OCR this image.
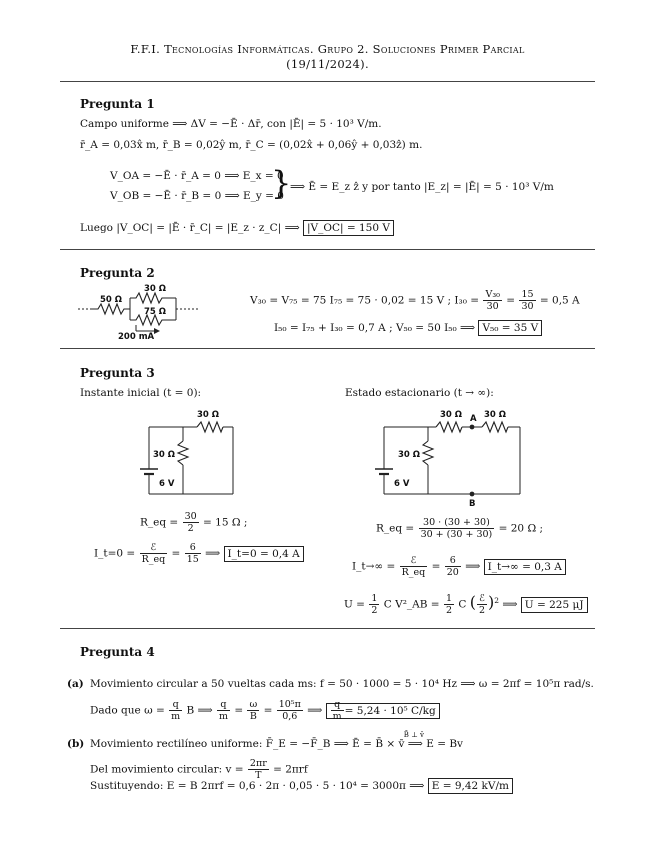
F.F.I. Tecnologías Informáticas. Grupo 2. Soluciones Primer Parcial
(19/11/2024).
Pregunta 1
Campo uniforme ⟹ ΔV = −Ē · Δr̄, con |Ē| = 5 · 10³ V/m.
r̄_A = 0,03x̂ m, r̄_B = 0,02ŷ m, r̄_C = (0,02x̂ + 0,06ŷ + 0,03ẑ) m.
V_OA = −Ē · r̄_A = 0 ⟹ E_x = 0
V_OB = −Ē · r̄_B = 0 ⟹ E_y = 0
}
⟹ Ē = E_z ẑ y por tanto |E_z| = |Ē| = 5 · 10³ V/m
Luego |V_OC| = |Ē · r̄_C| = |E_z · z_C| ⟹ |V_OC| = 150 V
Pregunta 2
50 Ω
30 Ω
75 Ω
200 mA
V₃₀ = V₇₅ = 75 I₇₅ = 75 · 0,02 = 15 V ; $I_{30} = \frac{\text{V₃₀}}{30} = \frac{15}{30} = 0,5$ A
I₅₀ = I₇₅ + I₃₀ = 0,7 A ; V₅₀ = 50 I₅₀ ⟹ V₅₀ = 35 V
Pregunta 3
Instante inicial (t = 0):	Estado estacionario (t → ∞):
30 Ω
30 Ω
6 V
30 Ω	30 Ω
A
B
30 Ω
6 V
R_eq = $\frac{30}{2} = 15$ Ω ;
I_t=0 =	ℰ
R_eq = $\frac{6}{15}$ ⟹ I_t=0 = 0,4 A
R_eq = $\frac{30 \cdot (30 + 30)}{30 + (30 + 30)} = 20$ Ω ;
I_t→∞ =	ℰ
R_eq = $\frac{6}{20}$ ⟹ I_t→∞ = 0,3 A
$U = \frac{1}{2}$ C V²_AB = $\frac{1}{2}$ C ( ℰ
2 )$^2$ ⟹ U = 225 μJ
Pregunta 4
(a) Movimiento circular a 50 vueltas cada ms: f = 50 · 1000 = 5 · 10⁴ Hz ⟹ ω = 2πf = 10⁵π rad/s.
Dado que $\omega = \frac{q}{m}$ B ⟹ $\frac{q}{m} = \frac{\omega}{B} = \frac{\text{10⁵π}}{0,6}$ ⟹ $\frac{q}{m} = 5,24 \cdot 10^5$ C/kg
(b) Movimiento rectilíneo uniforme: F̄_E = −F̄_B ⟹ Ē = B̄ × v̄
B̄ ⊥ v̄
⟹ E = Bv
Del movimiento circular: $v = \frac{2\pi r}{T} = 2\pi rf$
Sustituyendo: E = B 2πrf = 0,6 · 2π · 0,05 · 5 · 10⁴ = 3000π ⟹ E = 9,42 kV/m
